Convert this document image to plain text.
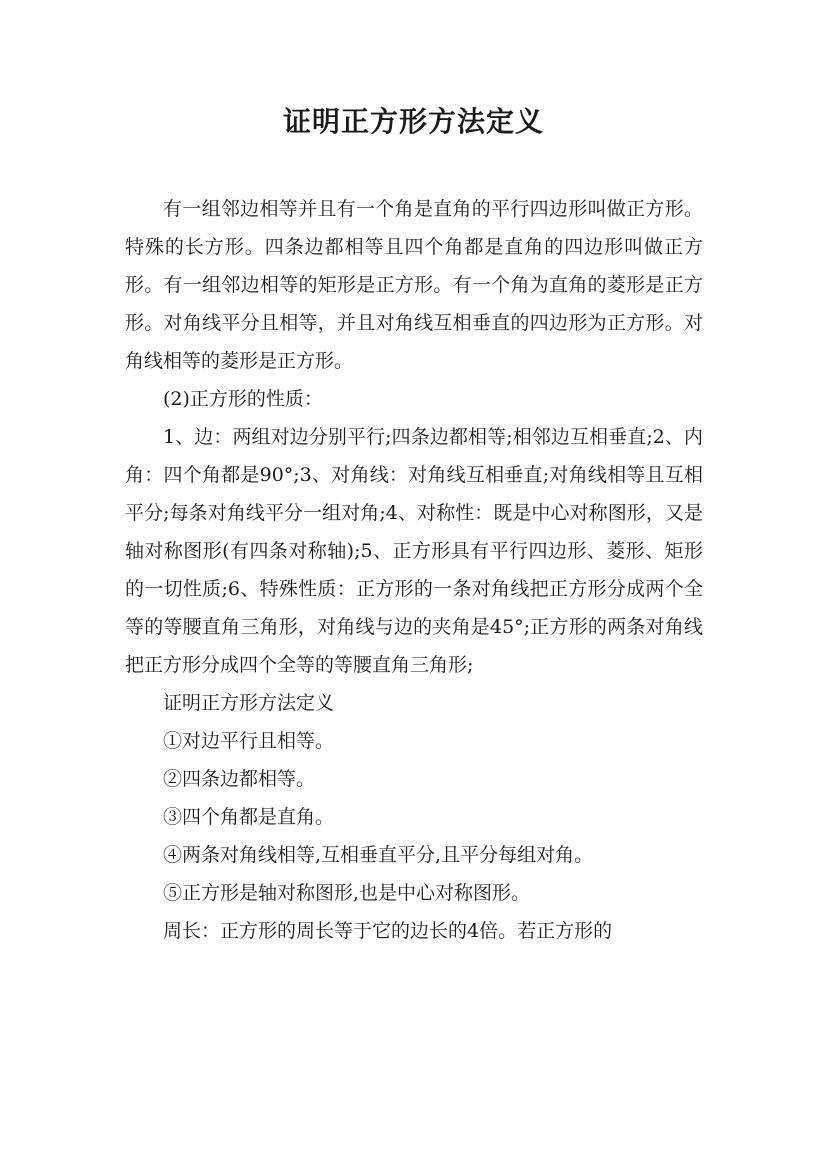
证明正方形方法定义

有一组邻边相等并且有一个角是直角的平行四边形叫做正方形。特殊的长方形。四条边都相等且四个角都是直角的四边形叫做正方形。有一组邻边相等的矩形是正方形。有一个角为直角的菱形是正方形。对角线平分且相等，并且对角线互相垂直的四边形为正方形。对角线相等的菱形是正方形。

(2)正方形的性质：

1、边：两组对边分别平行;四条边都相等;相邻边互相垂直;2、内角：四个角都是90°;3、对角线：对角线互相垂直;对角线相等且互相平分;每条对角线平分一组对角;4、对称性：既是中心对称图形，又是轴对称图形(有四条对称轴);5、正方形具有平行四边形、菱形、矩形的一切性质;6、特殊性质：正方形的一条对角线把正方形分成两个全等的等腰直角三角形，对角线与边的夹角是45°;正方形的两条对角线把正方形分成四个全等的等腰直角三角形;

证明正方形方法定义

①对边平行且相等。

②四条边都相等。

③四个角都是直角。

④两条对角线相等,互相垂直平分,且平分每组对角。

⑤正方形是轴对称图形,也是中心对称图形。

周长：正方形的周长等于它的边长的4倍。若正方形的
